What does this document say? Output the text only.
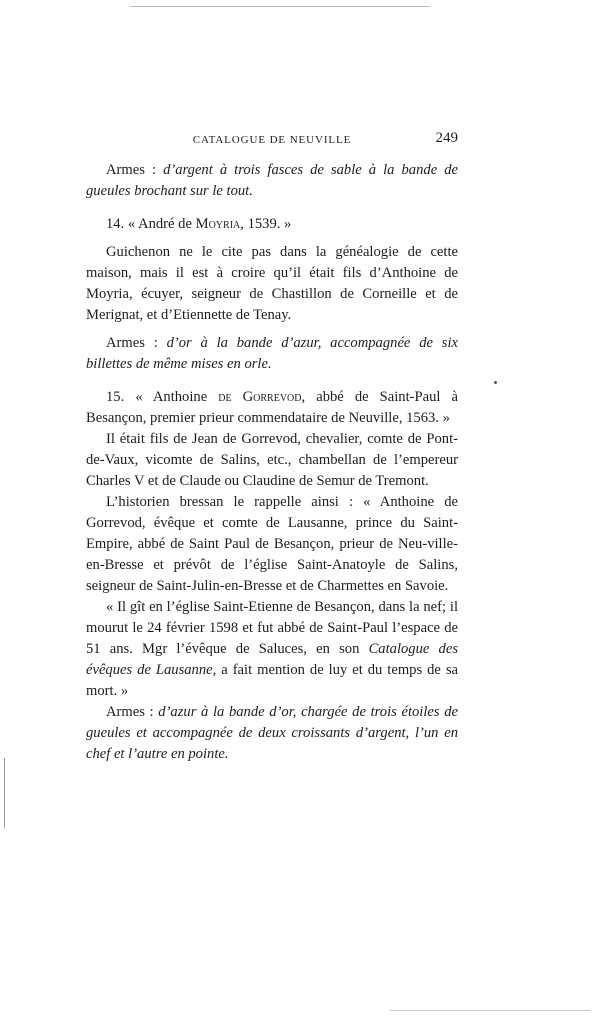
CATALOGUE DE NEUVILLE	249

Armes : d’argent à trois fasces de sable à la bande de gueules brochant sur le tout.

14. « André de Moyria, 1539. »

Guichenon ne le cite pas dans la généalogie de cette maison, mais il est à croire qu’il était fils d’Anthoine de Moyria, écuyer, seigneur de Chastillon de Corneille et de Merignat, et d’Etiennette de Tenay.

Armes : d’or à la bande d’azur, accompagnée de six billettes de même mises en orle.

15. « Anthoine de Gorrevod, abbé de Saint-Paul à Besançon, premier prieur commendataire de Neuville, 1563. »

Il était fils de Jean de Gorrevod, chevalier, comte de Pont-de-Vaux, vicomte de Salins, etc., chambellan de l’empereur Charles V et de Claude ou Claudine de Semur de Tremont.

L’historien bressan le rappelle ainsi : « Anthoine de Gorrevod, évêque et comte de Lausanne, prince du Saint-Empire, abbé de Saint Paul de Besançon, prieur de Neu-ville-en-Bresse et prévôt de l’église Saint-Anatoyle de Salins, seigneur de Saint-Julin-en-Bresse et de Charmettes en Savoie.

« Il gît en l’église Saint-Etienne de Besançon, dans la nef; il mourut le 24 février 1598 et fut abbé de Saint-Paul l’espace de 51 ans. Mgr l’évêque de Saluces, en son Catalogue des évêques de Lausanne, a fait mention de luy et du temps de sa mort. »

Armes : d’azur à la bande d’or, chargée de trois étoiles de gueules et accompagnée de deux croissants d’argent, l’un en chef et l’autre en pointe.
